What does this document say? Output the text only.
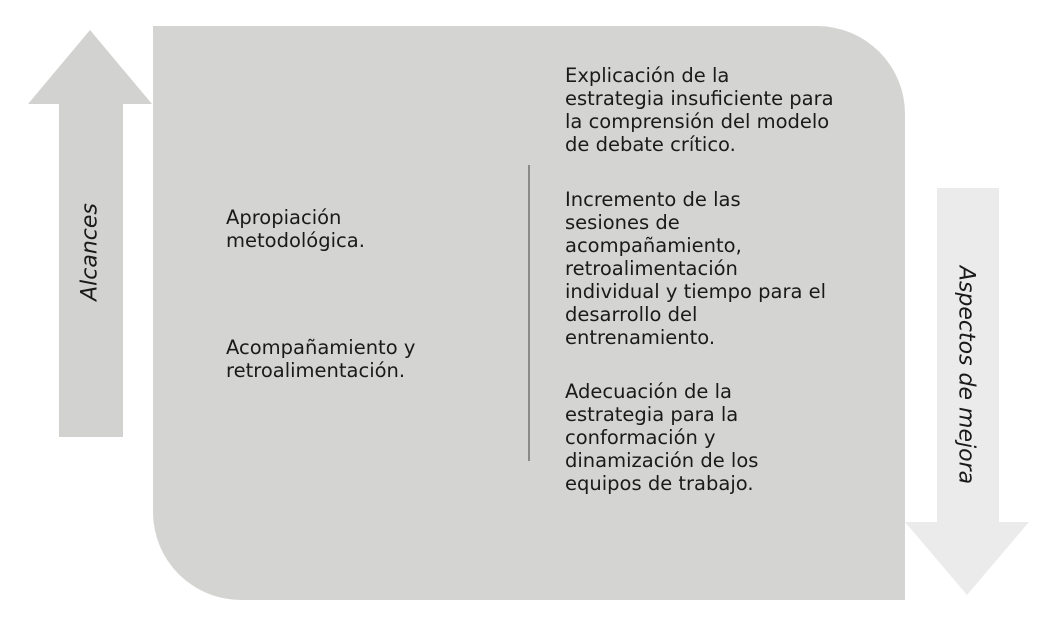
Alcances
Aspectos de mejora

Apropiación
metodológica.

Acompañamiento y
retroalimentación.

Explicación de la
estrategia insuficiente para
la comprensión del modelo
de debate crítico.

Incremento de las
sesiones de
acompañamiento,
retroalimentación
individual y tiempo para el
desarrollo del
entrenamiento.

Adecuación de la
estrategia para la
conformación y
dinamización de los
equipos de trabajo.
